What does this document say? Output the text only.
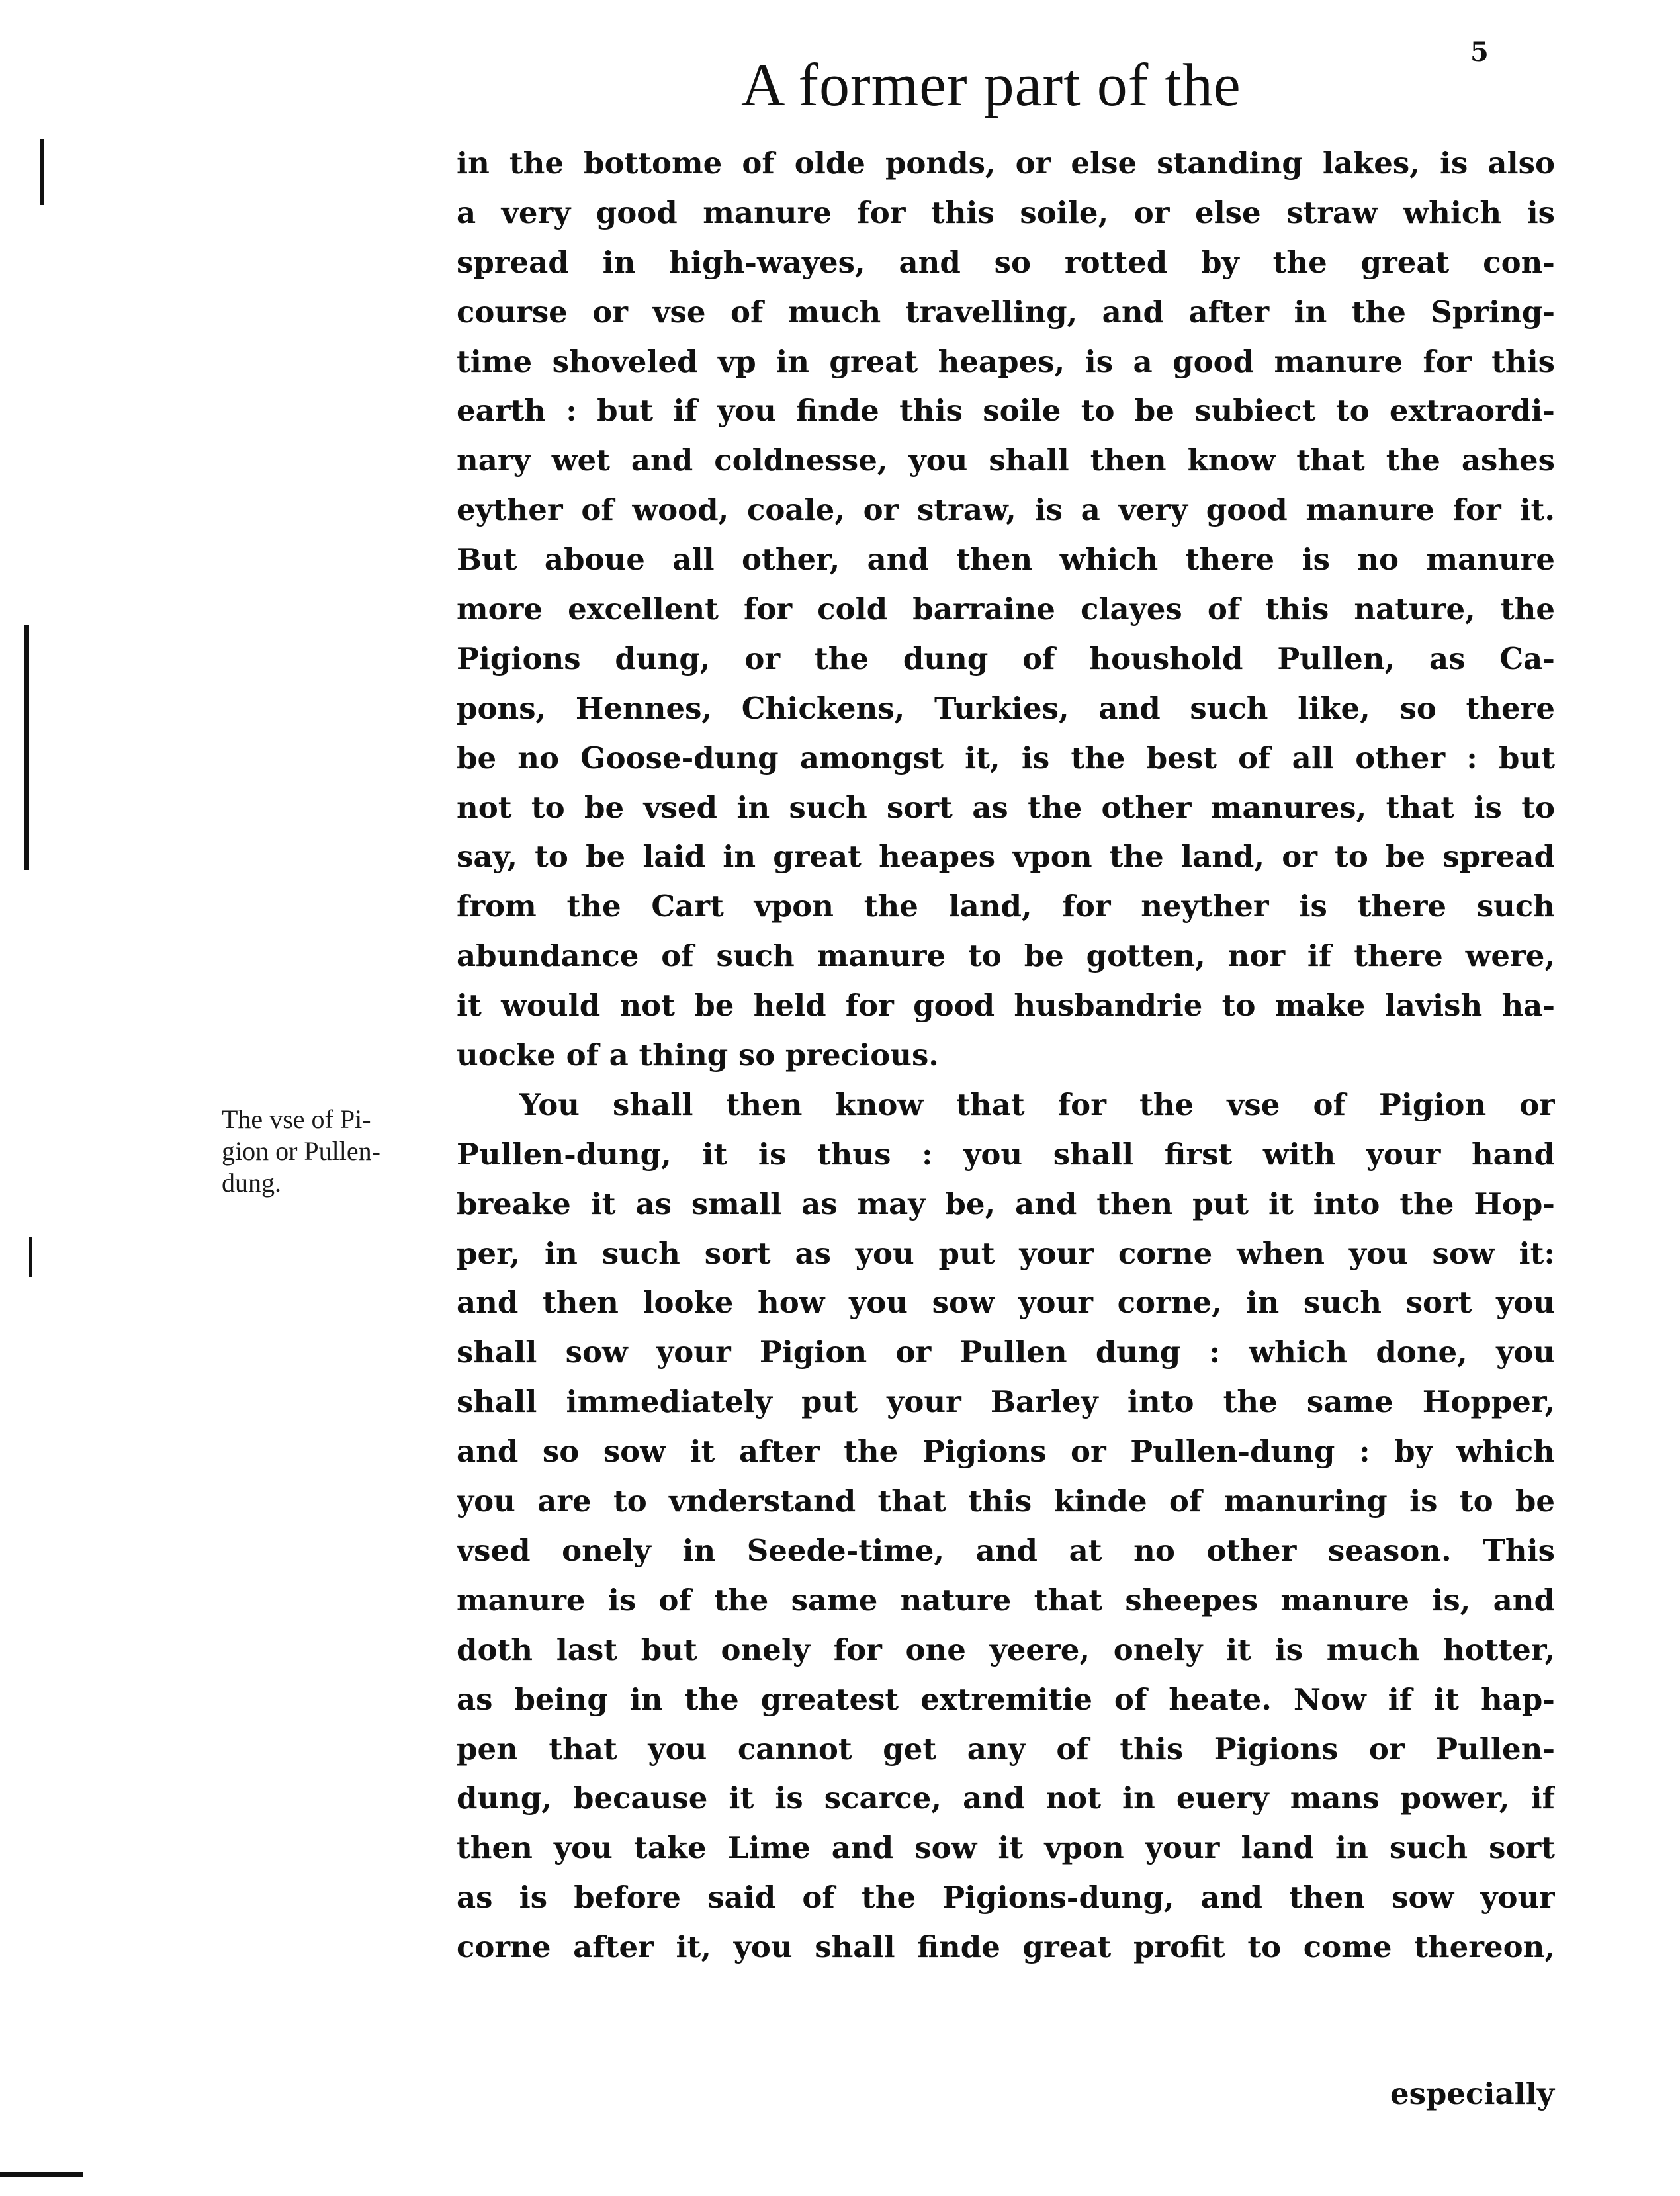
A former part of the	5
The vse of Pi-
gion or Pullen-
dung.
in the bottome of olde ponds, or else standing lakes, is also
a very good manure for this soile, or else straw which is
spread in high-wayes, and so rotted by the great con-
course or vse of much travelling, and after in the Spring-
time shoveled vp in great heapes, is a good manure for this
earth : but if you finde this soile to be subiect to extraordi-
nary wet and coldnesse, you shall then know that the ashes
eyther of wood, coale, or straw, is a very good manure for it.
But aboue all other, and then which there is no manure
more excellent for cold barraine clayes of this nature, the
Pigions dung, or the dung of houshold Pullen, as Ca-
pons, Hennes, Chickens, Turkies, and such like, so there
be no Goose-dung amongst it, is the best of all other : but
not to be vsed in such sort as the other manures, that is to
say, to be laid in great heapes vpon the land, or to be spread
from the Cart vpon the land, for neyther is there such
abundance of such manure to be gotten, nor if there were,
it would not be held for good husbandrie to make lavish ha-
uocke of a thing so precious.
You shall then know that for the vse of Pigion or
Pullen-dung, it is thus : you shall first with your hand
breake it as small as may be, and then put it into the Hop-
per, in such sort as you put your corne when you sow it:
and then looke how you sow your corne, in such sort you
shall sow your Pigion or Pullen dung : which done, you
shall immediately put your Barley into the same Hopper,
and so sow it after the Pigions or Pullen-dung : by which
you are to vnderstand that this kinde of manuring is to be
vsed onely in Seede-time, and at no other season. This
manure is of the same nature that sheepes manure is, and
doth last but onely for one yeere, onely it is much hotter,
as being in the greatest extremitie of heate. Now if it hap-
pen that you cannot get any of this Pigions or Pullen-
dung, because it is scarce, and not in euery mans power, if
then you take Lime and sow it vpon your land in such sort
as is before said of the Pigions-dung, and then sow your
corne after it, you shall finde great profit to come thereon,
especially
